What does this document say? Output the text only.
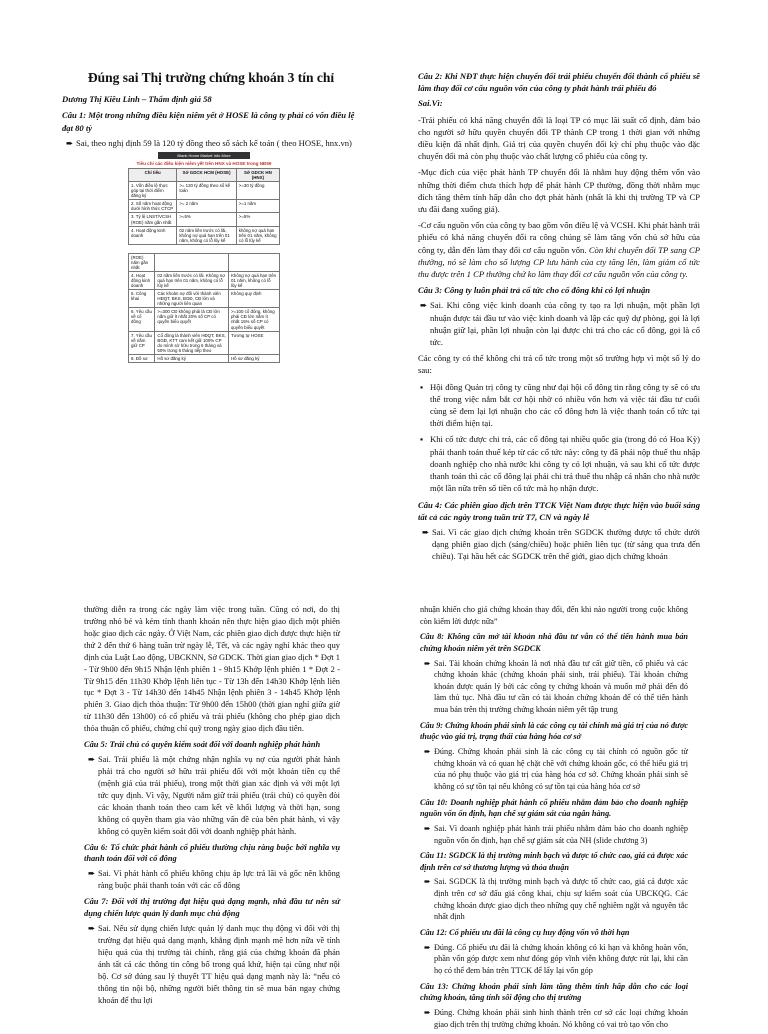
Đúng sai Thị trường chứng khoán 3 tín chỉ
Dương Thị Kiều Linh – Thẩm định giá 58
Câu 1: Một trong những điều kiện niêm yết ở HOSE là công ty phải có vốn điều lệ đạt 80 tỷ

➨ Sai, theo nghị định 59 là 120 tỷ đồng theo số sách kế toán ( theo HOSE, hnx.vn)

Blank Home Market Info More
Tiêu chí các điều kiện niêm yết trên HNX và HOSE trong NĐ59
Chỉ tiêu	Sở GDCK HCM (HOSE)	Sở GDCK HN (HNX)
1. Vốn điều lệ thực góp tại thời điểm đăng ký	>= 120 tỷ đồng theo sổ kế toán	>=30 tỷ đồng
2. Số năm hoạt động dưới hình thức CTCP	>= 2 năm	>=1 năm
3. Tỷ lệ LNST/VCSH (ROE) năm gần nhất	>=5%	>=5%
4. Hoạt động kinh doanh	02 năm liền trước có lãi, không nợ quá hạn trên 01 năm, không có lỗ lũy kế	không nợ quá hạn trên 01 năm, không có lỗ lũy kế
(ROE) năm gần nhất		
4. Hoạt động kinh doanh	02 năm liền trước có lãi. Không nợ quá hạn trên 01 năm, không có lỗ lũy kế	Không nợ quá hạn trên 01 năm, không có lỗ lũy kế
5. Công khai	Các khoản nợ đối với thành viên HĐQT, BKS, BGĐ, CĐ lớn và những người liên quan	Không quy định
6. Yêu cầu về cổ đông	>=300 CĐ không phải là CĐ lớn nắm giữ ít nhất 20% số CP có quyền biểu quyết	>=100 cổ đông, không phải CĐ lớn nắm ít nhất 15% số CP có quyền biểu quyết
7. Yêu cầu về nắm giữ CP	Cổ đông là thành viên HĐQT, BKS, BGĐ, KTT cam kết giữ 100% CP do mình sở hữu trong 6 tháng và 50% trong 6 tháng tiếp theo	Tương tự HOSE
8. Đồ sơ	Hồ sơ đăng ký	Hồ sơ đăng ký
Câu 2: Khi NĐT thực hiện chuyển đổi trái phiếu chuyển đổi thành cổ phiếu sẽ làm thay đổi cơ cấu nguồn vốn của công ty phát hành trái phiếu đó

Sai.Vì:

-Trái phiếu có khả năng chuyển đổi là loại TP có mục lãi suất cố định, đảm bảo cho người sở hữu quyền chuyển đổi TP thành CP trong 1 thời gian với những điều kiện đã nhất định. Giá trị của quyền chuyển đổi kỳ chỉ phụ thuộc vào đặc chuyển đổi mà còn phụ thuộc vào chất lượng cổ phiếu của công ty.

-Mục đích của việc phát hành TP chuyển đổi là nhằm huy động thêm vốn vào những thời điểm chưa thích hợp để phát hành CP thường, đồng thời nhằm mục đích tăng thêm tính hấp dẫn cho đợt phát hành (nhất là khi thị trường TP và CP ưu đãi đang xuống giá).

-Cơ cấu nguồn vốn của công ty bao gồm vốn điều lệ và VCSH. Khi phát hành trái phiếu có khả năng chuyển đổi ra công chúng sẽ làm tăng vốn chủ sở hữu của công ty, dẫn đến làm thay đổi cơ cấu nguồn vốn. Còn khi chuyển đổi TP sang CP thường, nó sẽ làm cho số lượng CP lưu hành của cty tăng lên, làm giảm cổ tức thu được trên 1 CP thường chứ ko làm thay đổi cơ cấu nguồn vốn của công ty.

Câu 3: Công ty luôn phải trả cổ tức cho cổ đông khi có lợi nhuận

➨ Sai. Khi công việc kinh doanh của công ty tạo ra lợi nhuận, một phần lợi nhuận được tái đầu tư vào việc kinh doanh và lập các quỹ dự phòng, gọi là lợi nhuận giữ lại, phần lợi nhuận còn lại được chi trả cho các cổ đông, gọi là cổ tức.

Các công ty có thể không chi trả cổ tức trong một số trường hợp vì một số lý do sau:

▪ Hội đồng Quản trị công ty cũng như đại hội cổ đông tin rằng công ty sẽ có ưu thế trong việc nắm bắt cơ hội nhờ có nhiều vốn hơn và việc tái đầu tư cuối cùng sẽ đem lại lợi nhuận cho các cổ đông hơn là việc thanh toán cổ tức tại thời điểm hiện tại.

▪ Khi cổ tức được chi trả, các cổ đông tại nhiều quốc gia (trong đó có Hoa Kỳ) phải thanh toán thuế kép từ các cổ tức này: công ty đã phải nộp thuế thu nhập doanh nghiệp cho nhà nước khi công ty có lợi nhuận, và sau khi cổ tức được thanh toán thì các cổ đông lại phải chi trả thuế thu nhập cá nhân cho nhà nước một lần nữa trên số tiền cổ tức mà họ nhận được.

Câu 4: Các phiên giao dịch trên TTCK Việt Nam được thực hiện vào buổi sáng tất cả các ngày trong tuần trừ T7, CN và ngày lễ

➨ Sai. Vì các giao dịch chứng khoán trên SGDCK thường được tổ chức dưới dạng phiên giao dịch (sáng/chiều) hoặc phiên liên tục (từ sáng qua trưa đến chiều). Tại hầu hết các SGDCK trên thế giới, giao dịch chứng khoán

thường diễn ra trong các ngày làm việc trong tuần. Cũng có nơi, do thị trường nhỏ bé và kém tính thanh khoản nên thực hiện giao dịch một phiên hoặc giao dịch các ngày. Ở Việt Nam, các phiên giao dịch được thực hiện từ thứ 2 đến thứ 6 hàng tuần trừ ngày lễ, Tết, và các ngày nghỉ khác theo quy định của Luật Lao động, UBCKNN, Sở GDCK. Thời gian giao dịch * Đợt 1 - Từ 9h00 đến 9h15 Nhận lệnh phiên 1 - 9h15 Khớp lệnh phiên 1 * Đợt 2 - Từ 9h15 đến 11h30 Khớp lệnh liên tục - Từ 13h đến 14h30 Khớp lệnh liên tục * Đợt 3 - Từ 14h30 đến 14h45 Nhận lệnh phiên 3 - 14h45 Khớp lệnh phiên 3. Giao dịch thỏa thuận: Từ 9h00 đến 15h00 (thời gian nghỉ giữa giờ từ 11h30 đến 13h00) có cổ phiếu và trái phiếu (không cho phép giao dịch thỏa thuận cổ phiếu, chứng chỉ quỹ trong ngày giao dịch đầu tiên.

Câu 5: Trái chủ có quyền kiểm soát đối với doanh nghiệp phát hành

➨ Sai. Trái phiếu là một chứng nhận nghĩa vụ nợ của người phát hành phải trả cho người sở hữu trái phiếu đối với một khoản tiền cụ thể (mệnh giá của trái phiếu), trong một thời gian xác định và với một lợi tức quy định. Vì vậy, Người nắm giữ trái phiếu (trái chủ) có quyền đòi các khoản thanh toán theo cam kết về khối lượng và thời hạn, song không có quyền tham gia vào những vấn đề của bên phát hành, vì vậy không có quyền kiểm soát đối với doanh nghiệp phát hành.

Câu 6: Tổ chức phát hành cổ phiếu thường chịu ràng buộc bởi nghĩa vụ thanh toán đối với cổ đông

➨ Sai. Vì phát hành cổ phiếu không chịu áp lực trả lãi và gốc nên không ràng buộc phải thanh toán với các cổ đông

Câu 7: Đối với thị trường đạt hiệu quả dạng mạnh, nhà đầu tư nên sử dụng chiến lược quản lý danh mục chủ động

➨ Sai. Nếu sử dụng chiến lược quản lý danh mục thụ động vì đối với thị trường đạt hiệu quả dạng mạnh, khẳng định mạnh mẽ hơn nữa về tính hiệu quả của thị trường tài chính, rằng giá của chứng khoán đã phản ánh tất cả các thông tin công bố trong quá khứ, hiện tại cũng như nội bộ. Cơ sở đúng sau lý thuyết TT hiệu quả dạng mạnh này là: “nếu có thông tin nội bộ, những người biết thông tin sẽ mua bán ngay chứng khoán để thu lợi

nhuận khiến cho giá chứng khoán thay đổi, đến khi nào người trong cuộc không còn kiếm lời được nữa”

Câu 8: Không cần mở tài khoản nhà đầu tư vẫn có thể tiến hành mua bán chứng khoán niêm yết trên SGDCK

➨ Sai. Tài khoản chứng khoán là nơi nhà đầu tư cất giữ tiền, cổ phiếu và các chứng khoán khác (chứng khoán phái sinh, trái phiếu). Tài khoản chứng khoán được quản lý bởi các công ty chứng khoán và muốn mở phải đến đó làm thủ tục. Nhà đầu tư cần có tài khoản chứng khoán để có thể tiến hành mua bán trên thị trường chứng khoán niêm yết tập trung

Câu 9: Chứng khoán phái sinh là các công cụ tài chính mà giá trị của nó được thuộc vào giá trị, trạng thái của hàng hóa cơ sở

➨ Đúng. Chứng khoán phái sinh là các công cụ tài chính có nguồn gốc từ chứng khoán và có quan hệ chặt chẽ với chứng khoán gốc, có thể hiểu giá trị của nó phụ thuộc vào giá trị của hàng hóa cơ sở. Chứng khoán phái sinh sẽ không có sự tồn tại nếu không có sự tồn tại của hàng hóa cơ sở

Câu 10: Doanh nghiệp phát hành cổ phiếu nhằm đảm bảo cho doanh nghiệp nguồn vốn ổn định, hạn chế sự giám sát của ngân hàng.

➨ Sai. Vì doanh nghiệp phát hành trái phiếu nhằm đảm bảo cho doanh nghiệp nguồn vốn ổn định, hạn chế sự giám sát của NH (slide chương 3)

Câu 11: SGDCK là thị trường minh bạch và được tổ chức cao, giá cả được xác định trên cơ sở thương lượng và thỏa thuận

➨ Sai. SGDCK là thị trường minh bạch và được tổ chức cao, giá cả được xác định trên cơ sở đấu giá công khai, chịu sự kiểm soát của UBCKQG. Các chứng khoán được giao dịch theo những quy chế nghiêm ngặt và nguyên tắc nhất định

Câu 12: Cổ phiếu ưu đãi là công cụ huy động vốn vô thời hạn

➨ Đúng. Cổ phiếu ưu đãi là chứng khoán không có kì hạn và không hoàn vốn, phần vốn góp được xem như đóng góp vĩnh viễn không được rút lại, khi cần họ có thể đem bán trên TTCK để lấy lại vốn góp

Câu 13: Chứng khoán phái sinh làm tăng thêm tính hấp dẫn cho các loại chứng khoán, tăng tính sôi động cho thị trường

➨ Đúng. Chứng khoán phái sinh hình thành trên cơ sở các loại chứng khoán giao dịch trên thị trường chứng khoán. Nó không có vai trò tạo vốn cho
